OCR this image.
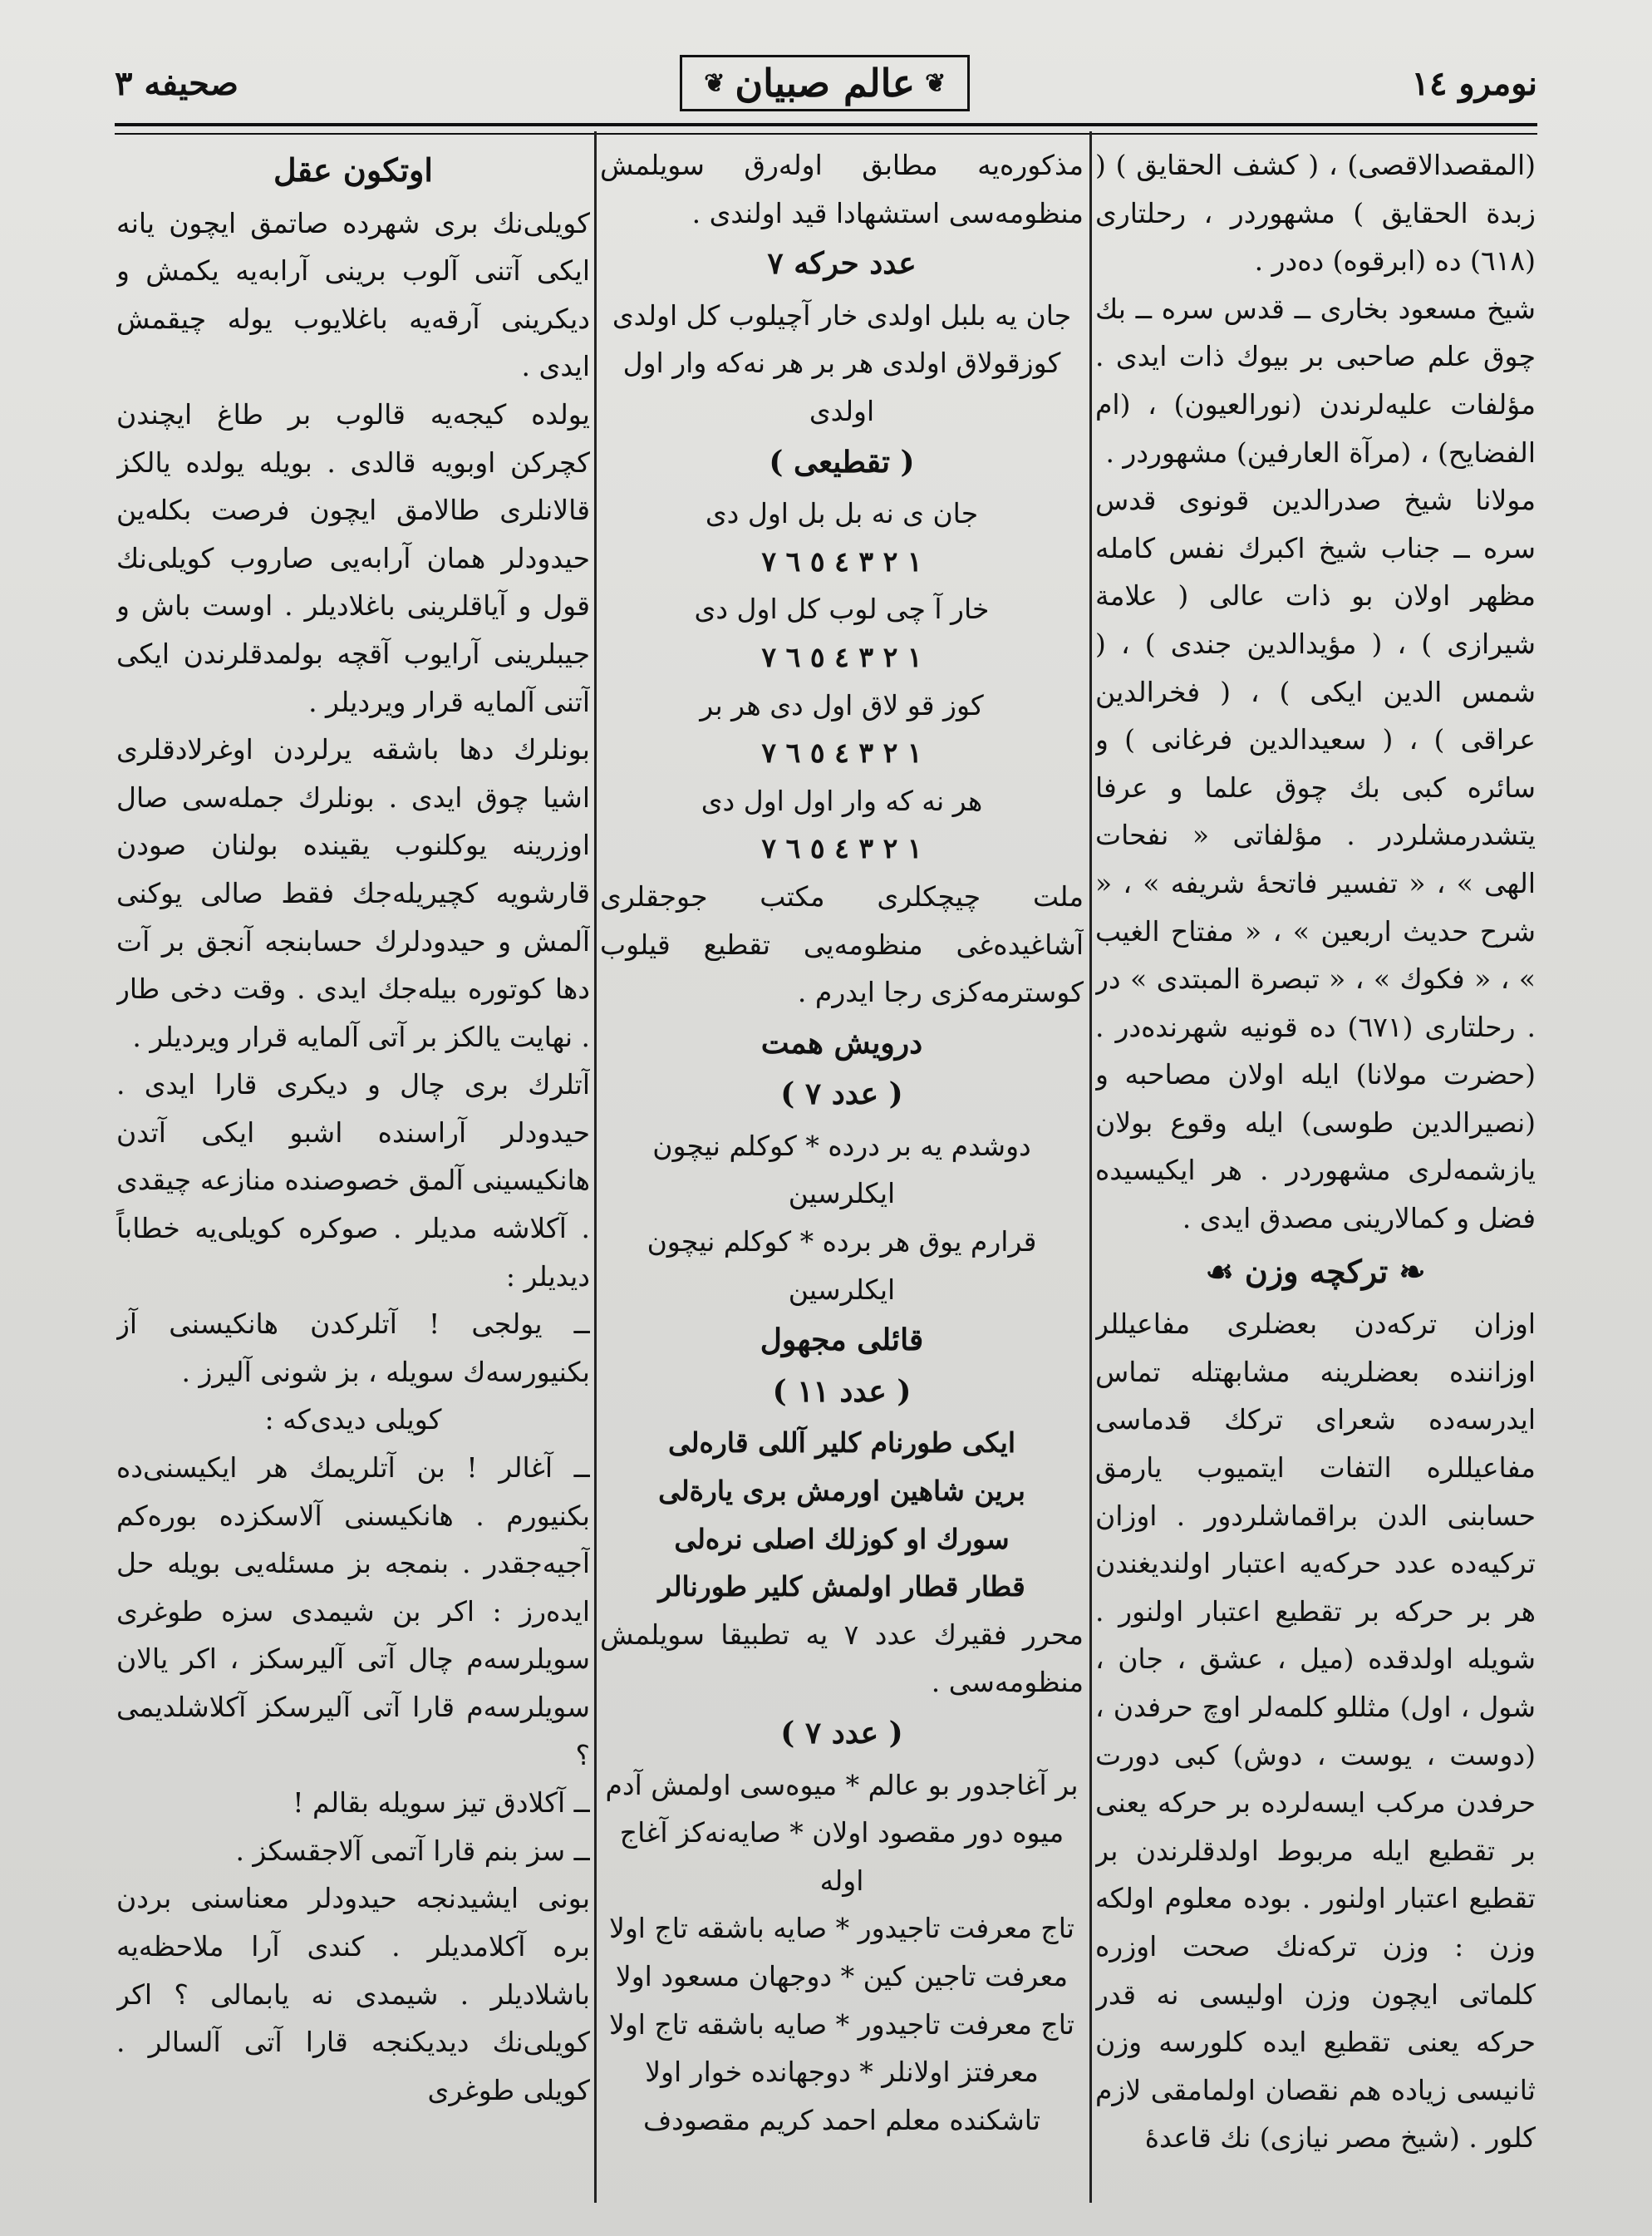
نومرو ١٤
❦
عالم صبيان
❦
صحيفه ٣

(المقصدالاقصى) ، ( كشف الحقايق ) ( زبدة الحقايق ) مشهوردر ، رحلتارى (٦١٨) ده (ابرقوه) ده‌در .

شيخ مسعود بخارى ــ قدس سره ــ بك چوق علم صاحبى بر بيوك ذات ايدى . مؤلفات عليه‌لرندن (نورالعيون) ، (ام الفضايح) ، (مرآة العارفين) مشهوردر .

مولانا شيخ صدرالدين قونوى قدس سره ــ جناب شيخ اكبرك نفس كامله مظهر اولان بو ذات عالى ( علامة شيرازى ) ، ( مؤيدالدين جندى ) ، ( شمس الدين ايكى ) ، ( فخرالدين عراقى ) ، ( سعيدالدين فرغانى ) و سائره كبى بك چوق علما و عرفا يتشدرمشلردر . مؤلفاتى « نفحات الهى » ، « تفسير فاتحهٔ شريفه » ، « شرح حديث اربعين » ، « مفتاح الغيب » ، « فكوك » ، « تبصرة المبتدى » در . رحلتارى (٦٧١) ده قونيه شهرنده‌در . (حضرت مولانا) ايله اولان مصاحبه و (نصيرالدين طوسى) ايله وقوع بولان يازشمه‌لرى مشهوردر . هر ايكيسيده فضل و كمالارينى مصدق ايدى .

❧ تركچه وزن ☙

اوزان تركه‌دن بعضلرى مفاعيللر اوزاننده بعضلرينه مشابهتله تماس ايدرسه‌ده شعراى تركك قدماسى مفاعيللره التفات ايتميوب يارمق حسابنى الدن براقماشلردور . اوزان تركيه‌ده عدد حركه‌يه اعتبار اولنديغندن هر بر حركه بر تقطيع اعتبار اولنور . شويله اولدقده (ميل ، عشق ، جان ، شول ، اول) مثللو كلمه‌لر اوچ حرفدن ، (دوست ، يوست ، دوش) كبى دورت حرفدن مركب ايسه‌لرده بر حركه يعنى بر تقطيع ايله مربوط اولدقلرندن بر تقطيع اعتبار اولنور . بوده معلوم اولكه وزن : وزن تركه‌نك صحت اوزره كلماتى ايچون وزن اوليسى نه قدر حركه يعنى تقطيع ايده كلورسه وزن ثانيسى زياده هم نقصان اولمامقى لازم كلور . (شيخ مصر نيازى) نك قاعدهٔ

مذكوره‌يه مطابق اوله‌رق سويلمش منظومه‌سى استشهادا قيد اولندى .

عدد حركه ٧

جان يه بلبل اولدى خار آچيلوب كل اولدى

كوزقولاق اولدى هر بر هر نه‌كه وار اول اولدى

( تقطيعى )

جان ى نه بل بل اول دى

١ ٢ ٣ ٤ ٥ ٦ ٧

خار آ چى لوب كل اول دى

١ ٢ ٣ ٤ ٥ ٦ ٧

كوز قو لاق اول دى هر بر

١ ٢ ٣ ٤ ٥ ٦ ٧

هر نه كه وار اول اول دى

١ ٢ ٣ ٤ ٥ ٦ ٧

ملت چيچكلرى مكتب جوجقلرى آشاغيده‌غى منظومه‌يى تقطيع قيلوب كوسترمه‌كزى رجا ايدرم .

درويش همت
( عدد ٧ )

دوشدم يه بر درده * كوكلم نيچون ايكلرسين

قرارم يوق هر برده * كوكلم نيچون ايكلرسين

قائلى مجهول
( عدد ١١ )

ايكى طورنام كلير آللى قاره‌لى

برين شاهين اورمش برى يارة‌لى

سورك او كوزلك اصلى نره‌لى

قطار قطار اولمش كلير طورنالر

محرر فقيرك عدد ٧ يه تطبيقا سويلمش منظومه‌سى .

( عدد ٧ )

بر آغاجدور بو عالم * ميوه‌سى اولمش آدم

ميوه دور مقصود اولان * صايه‌نه‌كز آغاج اوله

تاج معرفت تاجيدور * صايه باشقه تاج اولا

معرفت تاجين كين * دوجهان مسعود اولا

تاج معرفت تاجيدور * صايه باشقه تاج اولا

معرفتز اولانلر * دوجهانده خوار اولا

تاشكنده معلم احمد كريم مقصودف

اوتكون عقل

كويلى‌نك برى شهرده صاتمق ايچون يانه ايكى آتنى آلوب برينى آرابه‌يه يكمش و ديكرينى آرقه‌يه باغلايوب يوله چيقمش ايدى .

يولده كيجه‌يه قالوب بر طاغ ايچندن كچركن اوبويه قالدى . بويله يولده يالكز قالانلرى طالامق ايچون فرصت بكله‌ين حيدودلر همان آرابه‌يى صاروب كويلى‌نك قول و آياقلرينى باغلاديلر . اوست باش و جيبلرينى آرايوب آقچه بولمدقلرندن ايكى آتنى آلمايه قرار ويرديلر .

بونلرك دها باشقه يرلردن اوغرلادقلرى اشيا چوق ايدى . بونلرك جمله‌سى صال اوزرينه يوكلنوب يقينده بولنان صودن قارشويه كچيريله‌جك فقط صالى يوكنى آلمش و حيدودلرك حسابنجه آنجق بر آت دها كوتوره بيله‌جك ايدى . وقت دخى طار . نهايت يالكز بر آتى آلمايه قرار ويرديلر .

آتلرك برى چال و ديكرى قارا ايدى . حيدودلر آراسنده اشبو ايكى آتدن هانكيسينى آلمق خصوصنده منازعه چيقدى . آكلاشه مديلر . صوكره كويلى‌يه خطاباً ديديلر :

ــ يولجى ! آتلركدن هانكيسنى آز بكنيورسه‌ك سويله ، بز شونى آليرز .

كويلى ديدى‌كه :

ــ آغالر ! بن آتلريمك هر ايكيسنى‌ده بكنيورم . هانكيسنى آلاسكزده بوره‌كم آجيه‌جقدر . بنمجه بز مسئله‌يى بويله حل ايده‌رز : اكر بن شيمدى سزه طوغرى سويلرسه‌م چال آتى آليرسكز ، اكر يالان سويلرسه‌م قارا آتى آليرسكز آكلاشلديمى ؟

ــ آكلادق تيز سويله بقالم !

ــ سز بنم قارا آتمى آلاجقسكز .

بونى ايشيدنجه حيدودلر معناسنى بردن بره آكلامديلر . كندى آرا ملاحظه‌يه باشلاديلر . شيمدى نه يابمالى ؟ اكر كويلى‌نك ديديكنجه قارا آتى آلسالر . كويلى طوغرى
